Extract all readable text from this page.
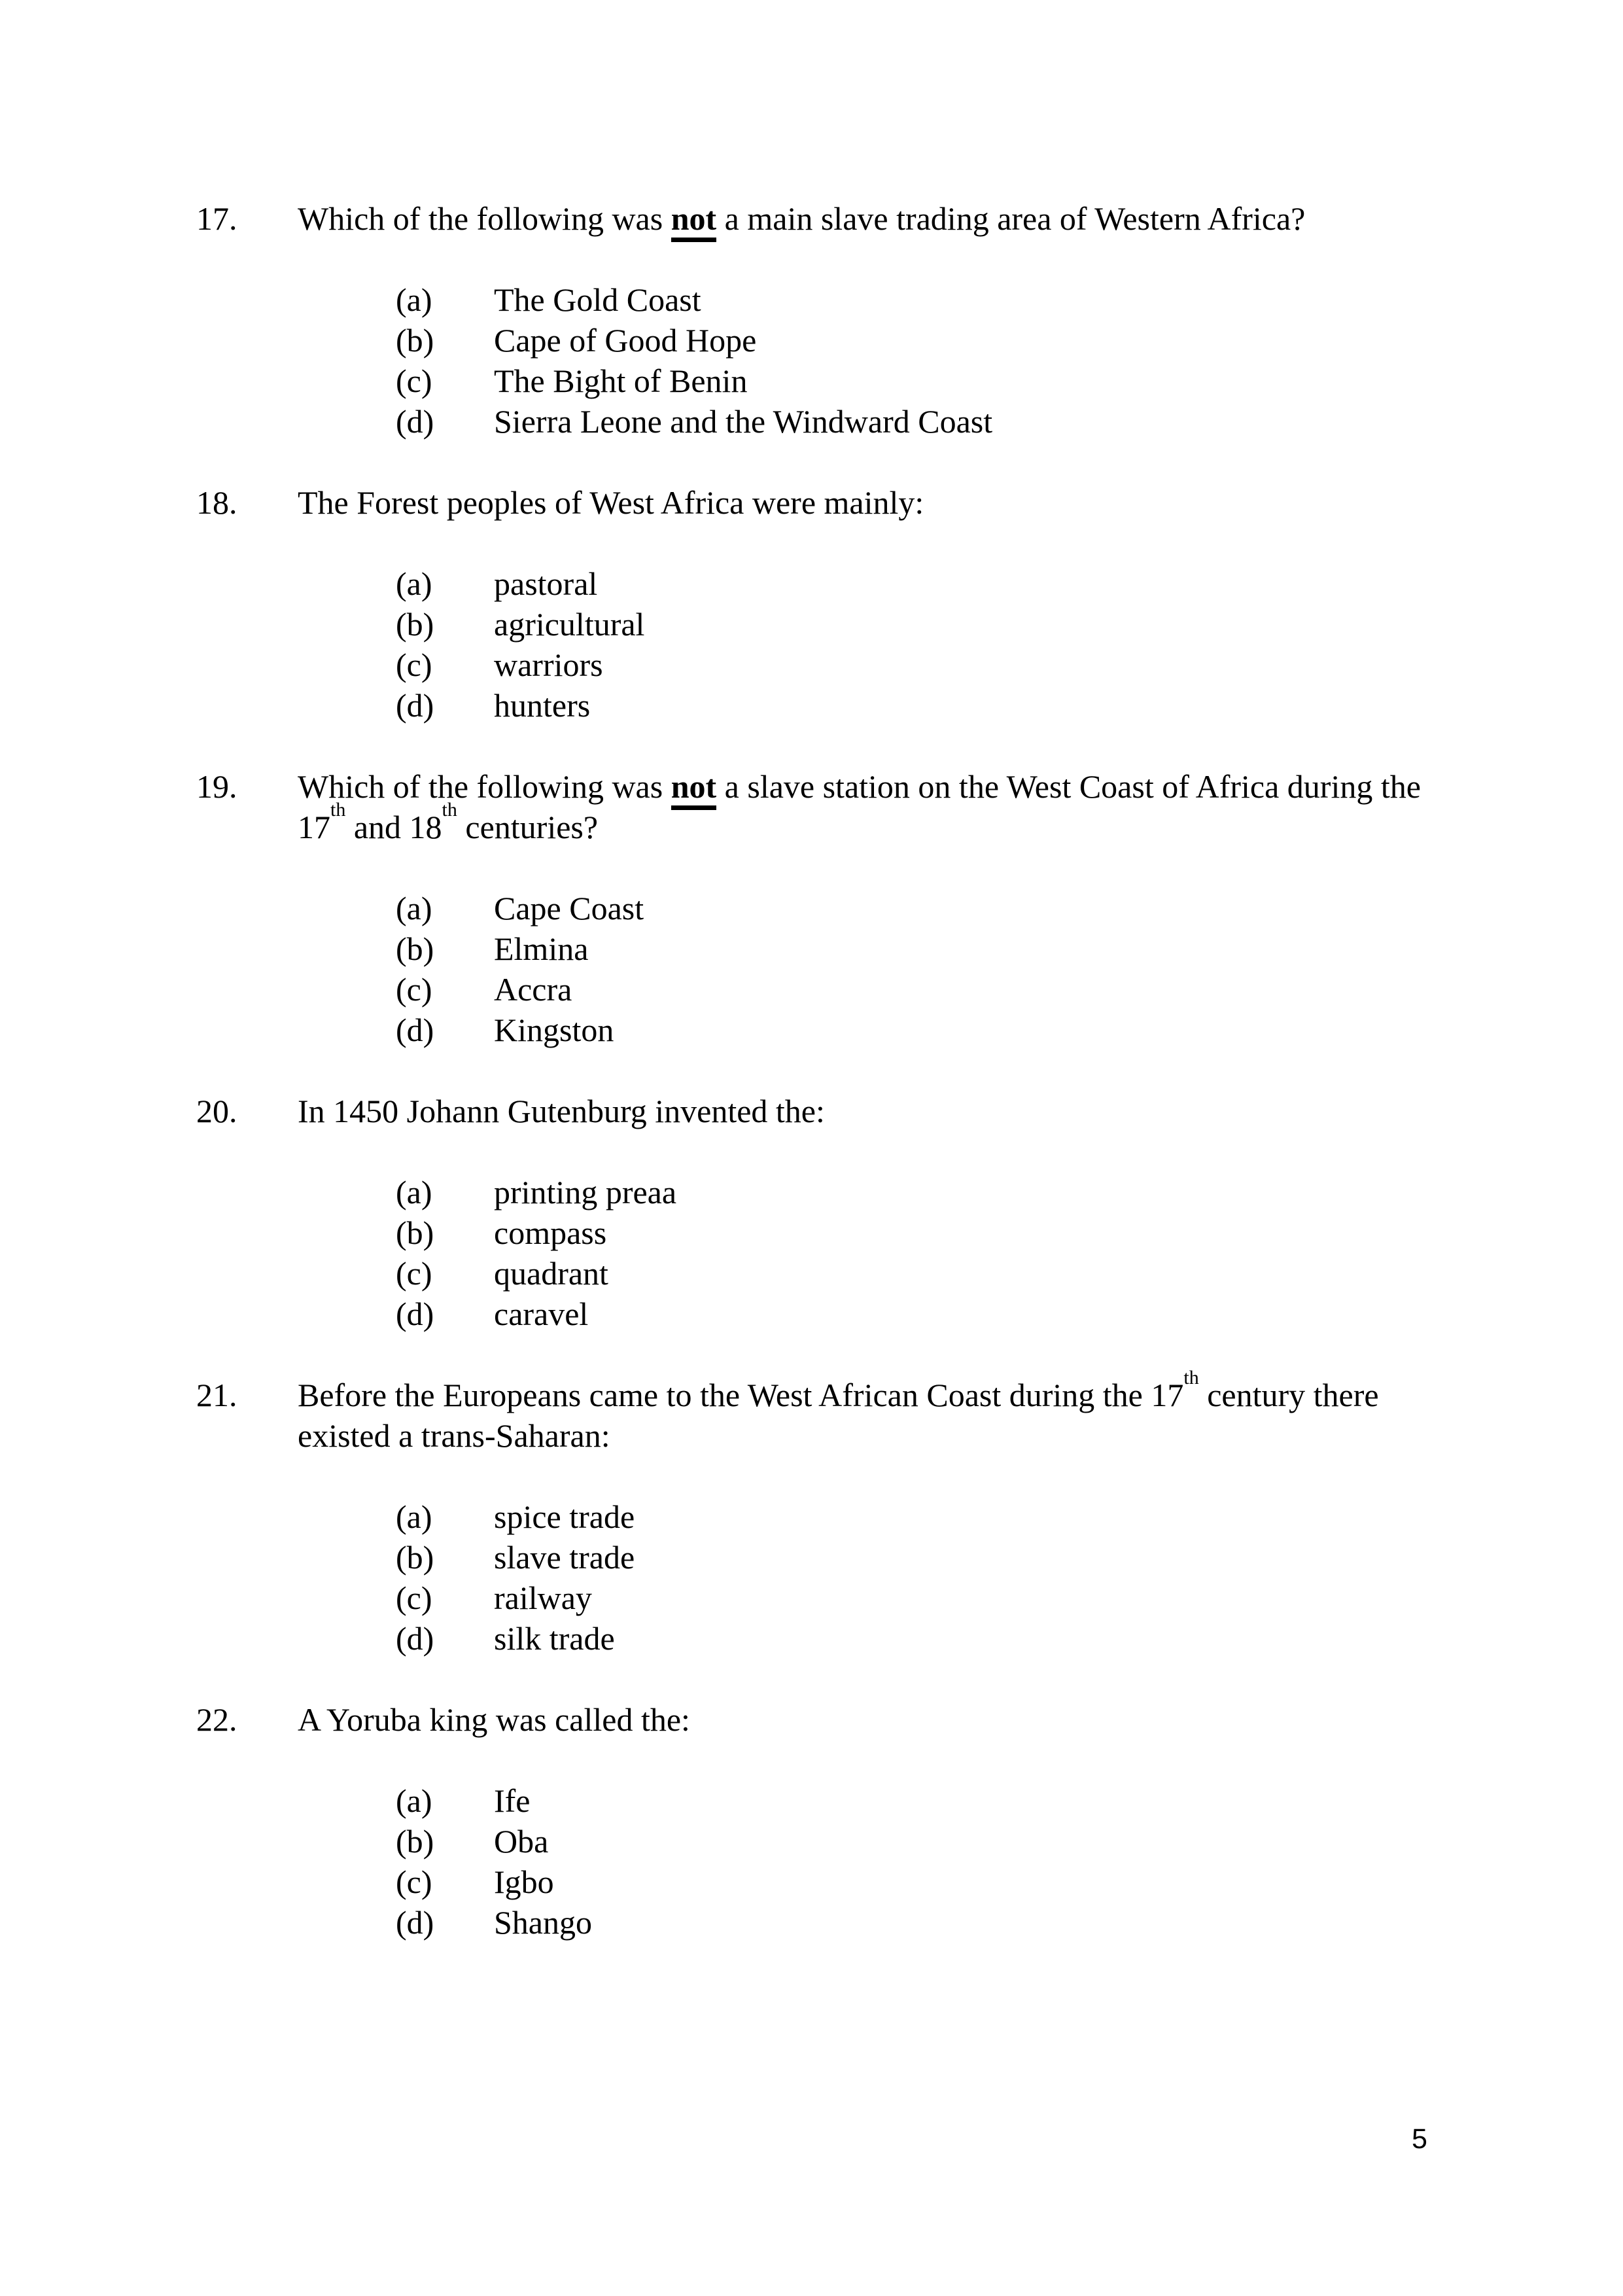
17. Which of the following was not a main slave trading area of Western Africa?
(a) The Gold Coast
(b) Cape of Good Hope
(c) The Bight of Benin
(d) Sierra Leone and the Windward Coast
18. The Forest peoples of West Africa were mainly:
(a) pastoral
(b) agricultural
(c) warriors
(d) hunters
19. Which of the following was not a slave station on the West Coast of Africa during the
17th and 18th centuries?
(a) Cape Coast
(b) Elmina
(c) Accra
(d) Kingston
20. In 1450 Johann Gutenburg invented the:
(a) printing preaa
(b) compass
(c) quadrant
(d) caravel
21. Before the Europeans came to the West African Coast during the 17th century there
existed a trans-Saharan:
(a) spice trade
(b) slave trade
(c) railway
(d) silk trade
22. A Yoruba king was called the:
(a) Ife
(b) Oba
(c) Igbo
(d) Shango
5
